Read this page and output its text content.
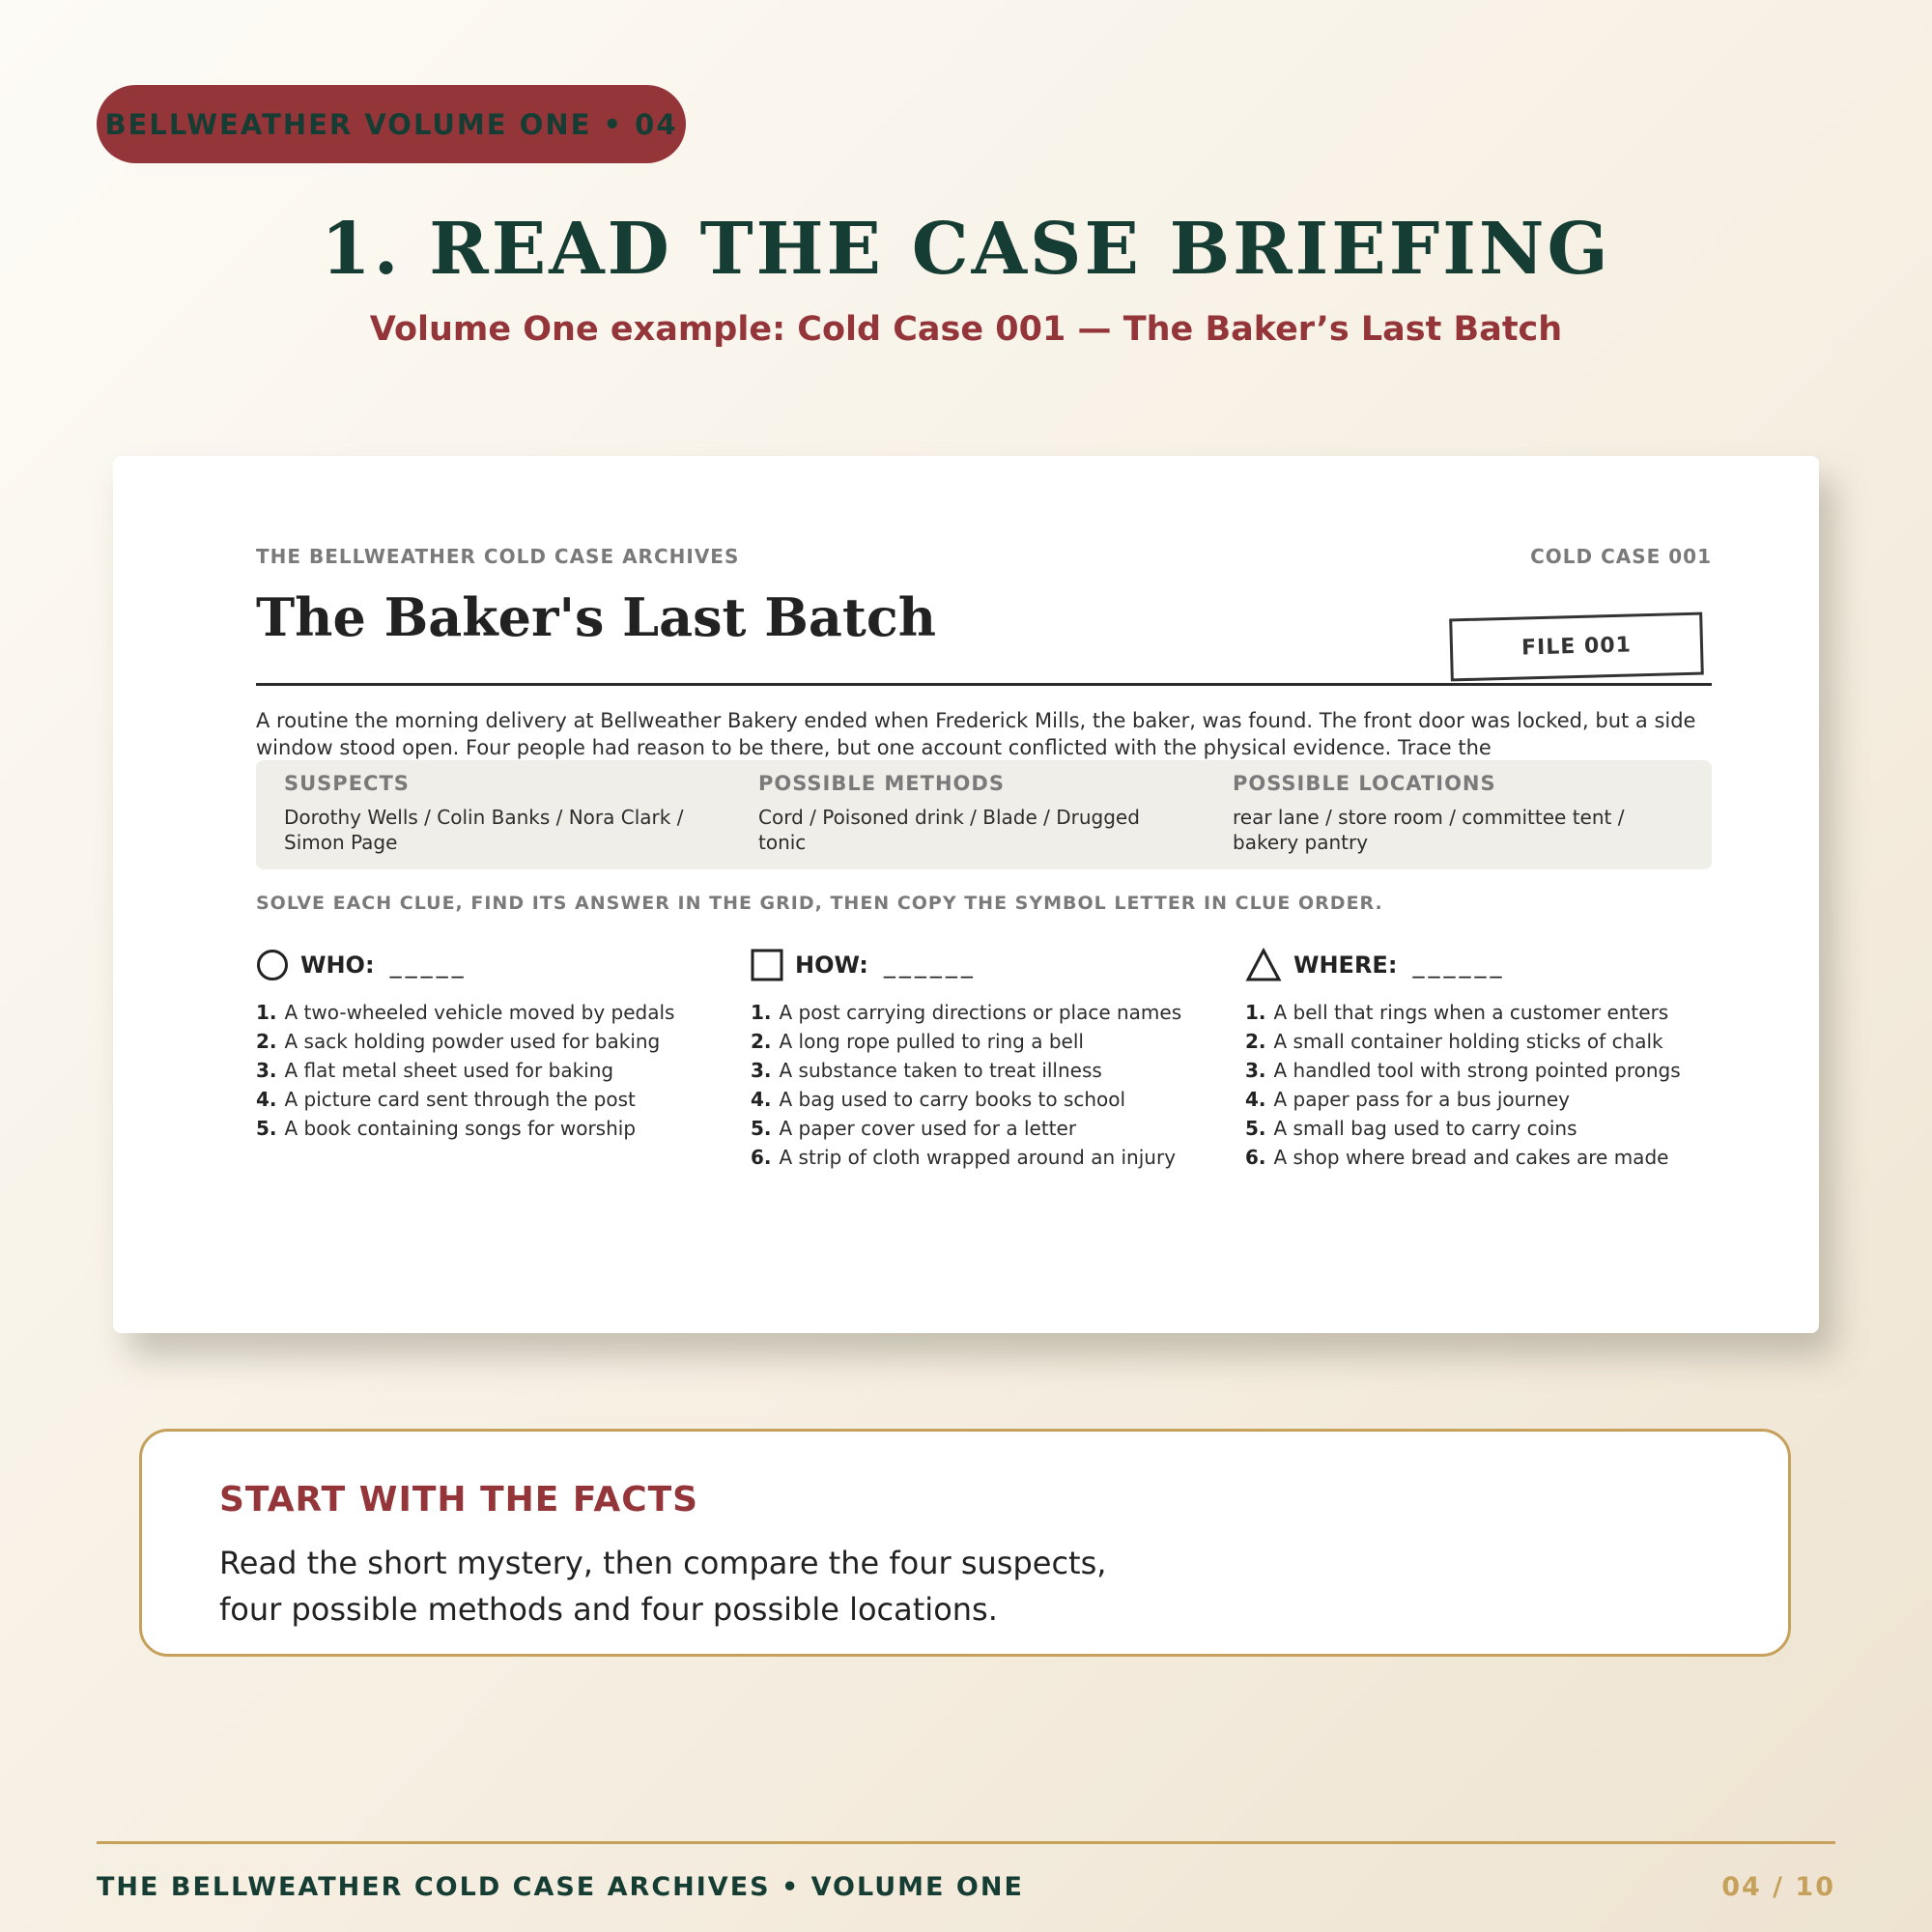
BELLWEATHER VOLUME ONE • 04
1. READ THE CASE BRIEFING
Volume One example: Cold Case 001 — The Baker’s Last Batch
THE BELLWEATHER COLD CASE ARCHIVES	COLD CASE 001
The Baker's Last Batch	FILE 001

A routine the morning delivery at Bellweather Bakery ended when Frederick Mills, the baker, was found. The front door was locked, but a side window stood open. Four people had reason to be there, but one account conflicted with the physical evidence. Trace the

SUSPECTS

Dorothy Wells / Colin Banks / Nora Clark / Simon Page

POSSIBLE METHODS

Cord / Poisoned drink / Blade / Drugged tonic

POSSIBLE LOCATIONS

rear lane / store room / committee tent / bakery pantry

SOLVE EACH CLUE, FIND ITS ANSWER IN THE GRID, THEN COPY THE SYMBOL LETTER IN CLUE ORDER.
WHO: _____
1. A two-wheeled vehicle moved by pedals
2. A sack holding powder used for baking
3. A flat metal sheet used for baking
4. A picture card sent through the post
5. A book containing songs for worship
HOW: ______
1. A post carrying directions or place names
2. A long rope pulled to ring a bell
3. A substance taken to treat illness
4. A bag used to carry books to school
5. A paper cover used for a letter
6. A strip of cloth wrapped around an injury
WHERE: ______
1. A bell that rings when a customer enters
2. A small container holding sticks of chalk
3. A handled tool with strong pointed prongs
4. A paper pass for a bus journey
5. A small bag used to carry coins
6. A shop where bread and cakes are made
START WITH THE FACTS

Read the short mystery, then compare the four suspects,
four possible methods and four possible locations.

THE BELLWEATHER COLD CASE ARCHIVES • VOLUME ONE	04 / 10
